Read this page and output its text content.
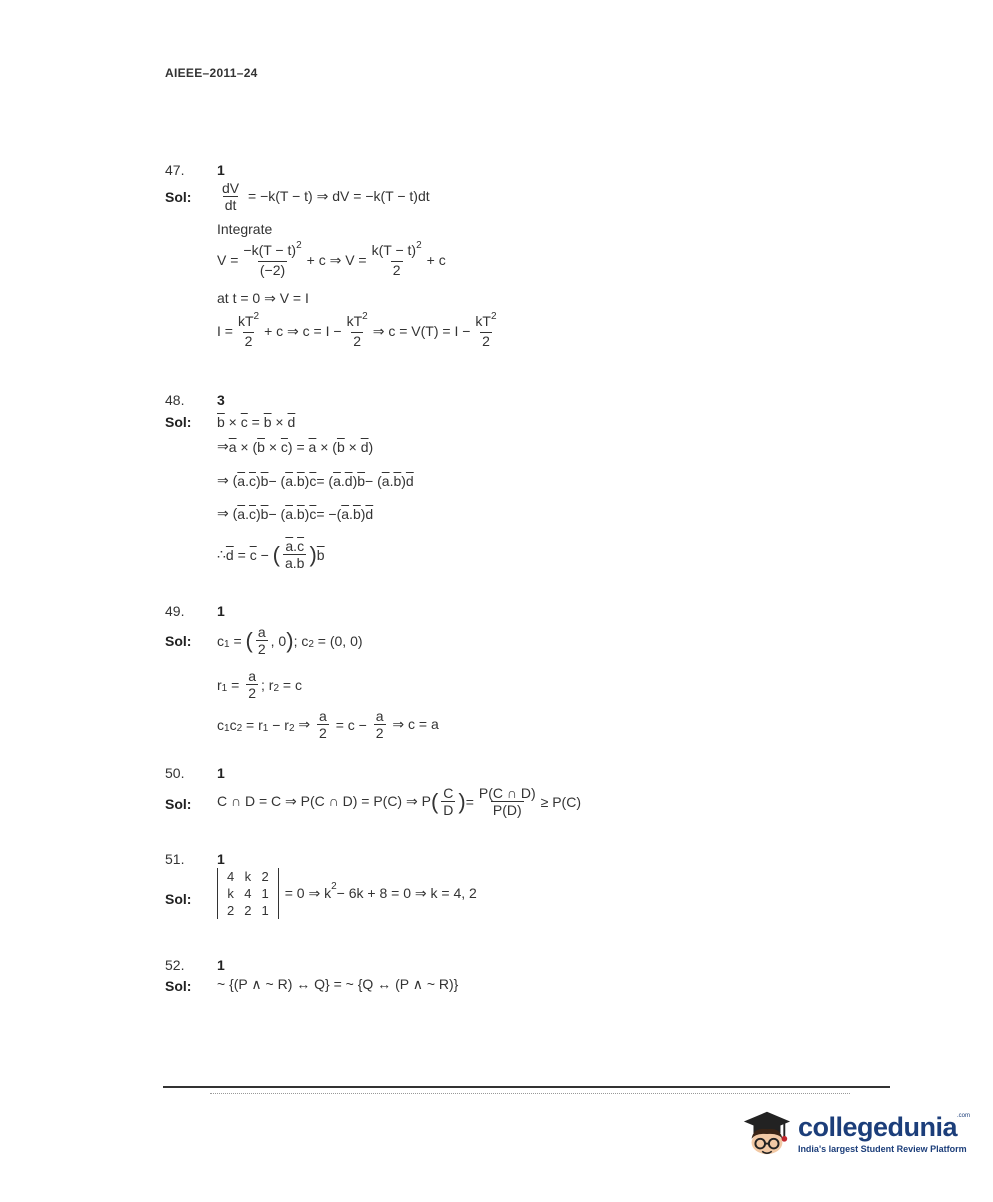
AIEEE–2011–24
47. 1
Sol: $\frac{dV}{dt} = -k(T - t)$ ⇒ dV = −k(T − t)dt
Integrate
$V = \frac{-k(T - t)^2}{(-2)} + c$ ⇒ $V = \frac{k(T - t)^2}{2} + c$
at t = 0 ⇒ V = I
$I = \frac{kT^2}{2} + c$ ⇒ $c = I - \frac{kT^2}{2}$ ⇒ $c = V(T) = I - \frac{kT^2}{2}$
48. 3
Sol: $\overline{b} \times \overline{c} = \overline{b} \times \overline{d}$
⇒ $\overline{a}$ × ( $\overline{b} \times \overline{c}$ ) = $\overline{a}$ × ( $\overline{b} \times \overline{d}$ )
⇒ ( $\overline{a}$ . $\overline{c}$ ) $\overline{b}$ − ( $\overline{a}$ . $\overline{b}$ ) $\overline{c}$ = ( $\overline{a}$ . $\overline{d}$ ) $\overline{b}$ − ( $\overline{a}$ . $\overline{b}$ ) $\overline{d}$
⇒ ( $\overline{a}$ . $\overline{c}$ ) $\overline{b}$ − ( $\overline{a}$ . $\overline{b}$ ) $\overline{c}$ = −( $\overline{a}$ . $\overline{b}$ ) $\overline{d}$
∴ $\overline{d} = \overline{c}$ − ( $\frac{\overline{a}.\overline{c}}{\overline{a}.\overline{b}}$ ) $\overline{b}$
49. 1
Sol: c 1 = ( $\frac{a}{2}$ , 0 ) ; c 2 = (0, 0)
r $1 = \frac{a}{2}$ ; r 2 = c
c 1 c 2 = r 1 − r 2 ⇒ $\frac{a}{2} = c - \frac{a}{2}$ ⇒ c = a
50. 1
Sol: C ∩ D = C ⇒ P(C ∩ D) = P(C) ⇒ P ( $\frac{C}{D}$ ) = $\frac{P(C \cap D)}{P(D)} \ge P(C)$
51. 1
Sol:
4	k	2
k	4	1
2	2	1
= 0 ⇒ k 2 − 6k + 8 = 0 ⇒ k = 4, 2
52. 1
Sol: ~ {(P ∧ ~ R) ↔ Q} = ~ {Q ↔ (P ∧ ~ R)}
collegedunia$^{.com}$
India's largest Student Review Platform
